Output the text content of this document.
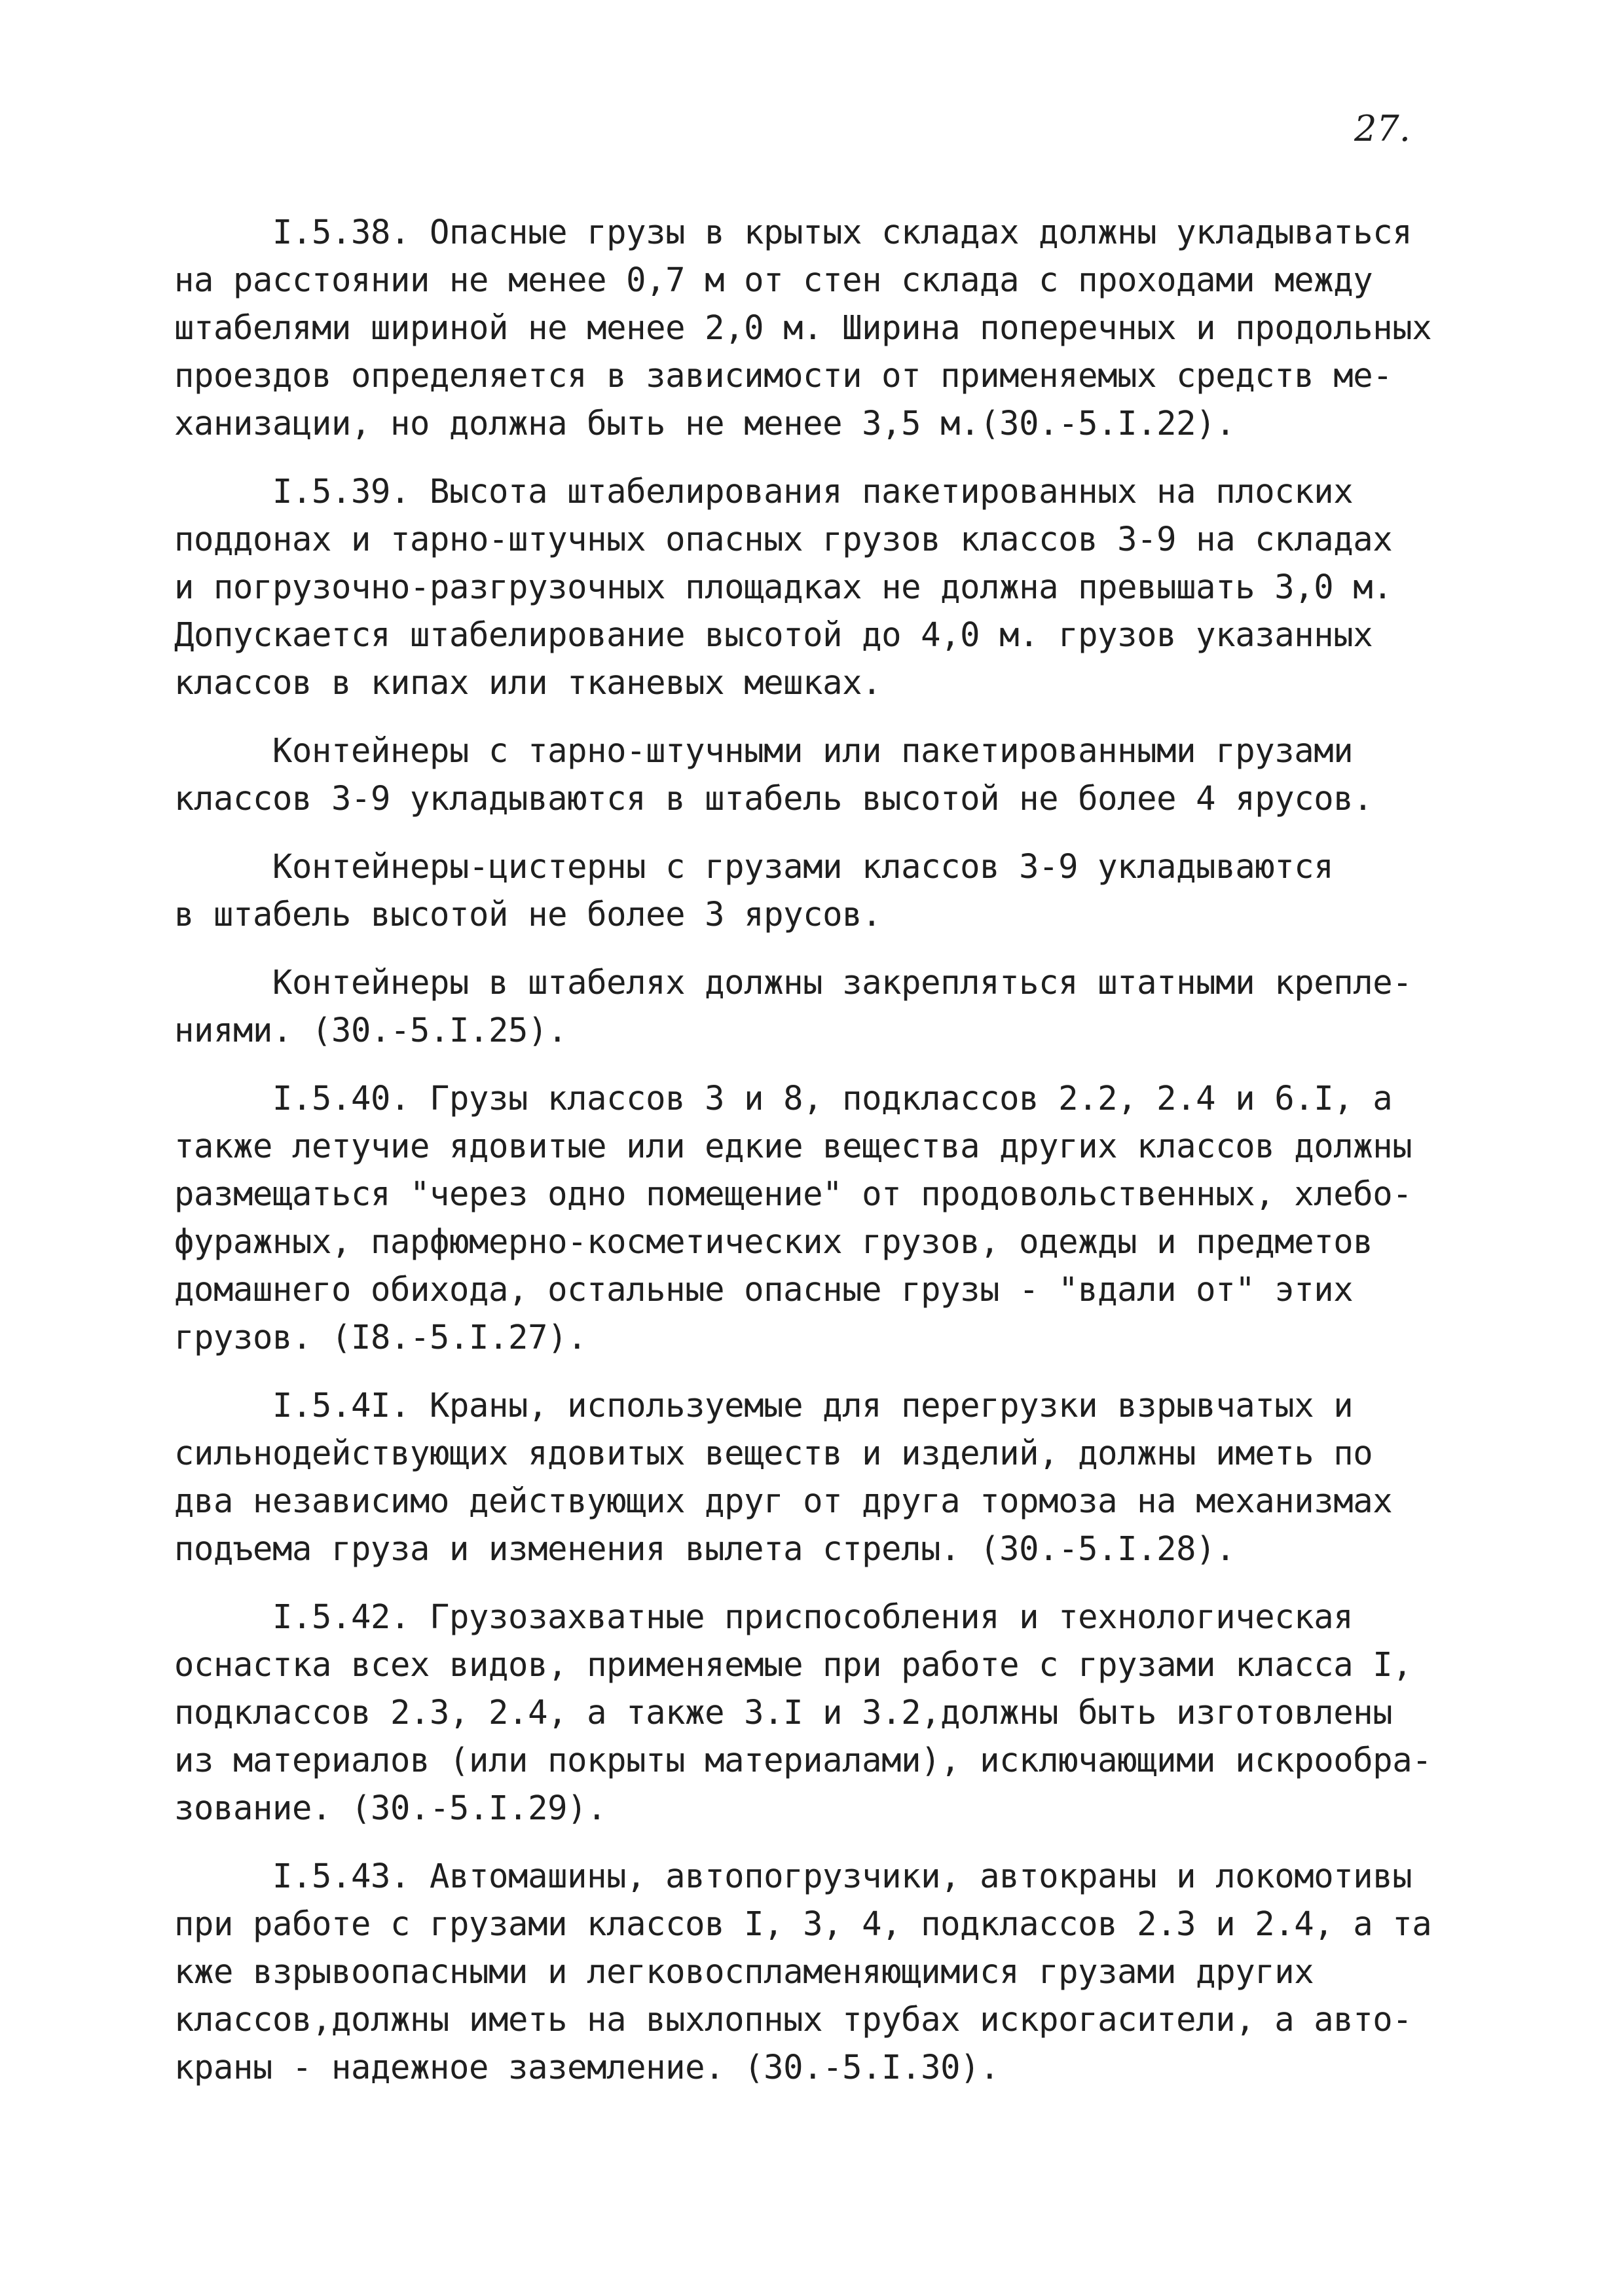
27.
I.5.38. Опасные грузы в крытых складах должны укладываться
на расстоянии не менее 0,7 м от стен склада с проходами между
штабелями шириной не менее 2,0 м. Ширина поперечных и продольных
проездов определяется в зависимости от применяемых средств ме-
ханизации, но должна быть не менее 3,5 м.(30.-5.I.22).
I.5.39. Высота штабелирования пакетированных на плоских
поддонах и тарно-штучных опасных грузов классов 3-9 на складах
и погрузочно-разгрузочных площадках не должна превышать 3,0 м.
Допускается штабелирование высотой до 4,0 м. грузов указанных
классов в кипах или тканевых мешках.
Контейнеры с тарно-штучными или пакетированными грузами
классов 3-9 укладываются в штабель высотой не более 4 ярусов.
Контейнеры-цистерны с грузами классов 3-9 укладываются
в штабель высотой не более 3 ярусов.
Контейнеры в штабелях должны закрепляться штатными крепле-
ниями. (30.-5.I.25).
I.5.40. Грузы классов 3 и 8, подклассов 2.2, 2.4 и 6.I, а
также летучие ядовитые или едкие вещества других классов должны
размещаться "через одно помещение" от продовольственных, хлебо-
фуражных, парфюмерно-косметических грузов, одежды и предметов
домашнего обихода, остальные опасные грузы - "вдали от" этих
грузов. (I8.-5.I.27).
I.5.4I. Краны, используемые для перегрузки взрывчатых и
сильнодействующих ядовитых веществ и изделий, должны иметь по
два независимо действующих друг от друга тормоза на механизмах
подъема груза и изменения вылета стрелы. (30.-5.I.28).
I.5.42. Грузозахватные приспособления и технологическая
оснастка всех видов, применяемые при работе с грузами класса I,
подклассов 2.3, 2.4, а также 3.I и 3.2,должны быть изготовлены
из материалов (или покрыты материалами), исключающими искрообра-
зование. (30.-5.I.29).
I.5.43. Автомашины, автопогрузчики, автокраны и локомотивы
при работе с грузами классов I, 3, 4, подклассов 2.3 и 2.4, а та
кже взрывоопасными и легковоспламеняющимися грузами других
классов,должны иметь на выхлопных трубах искрогасители, а авто-
краны - надежное заземление. (30.-5.I.30).
